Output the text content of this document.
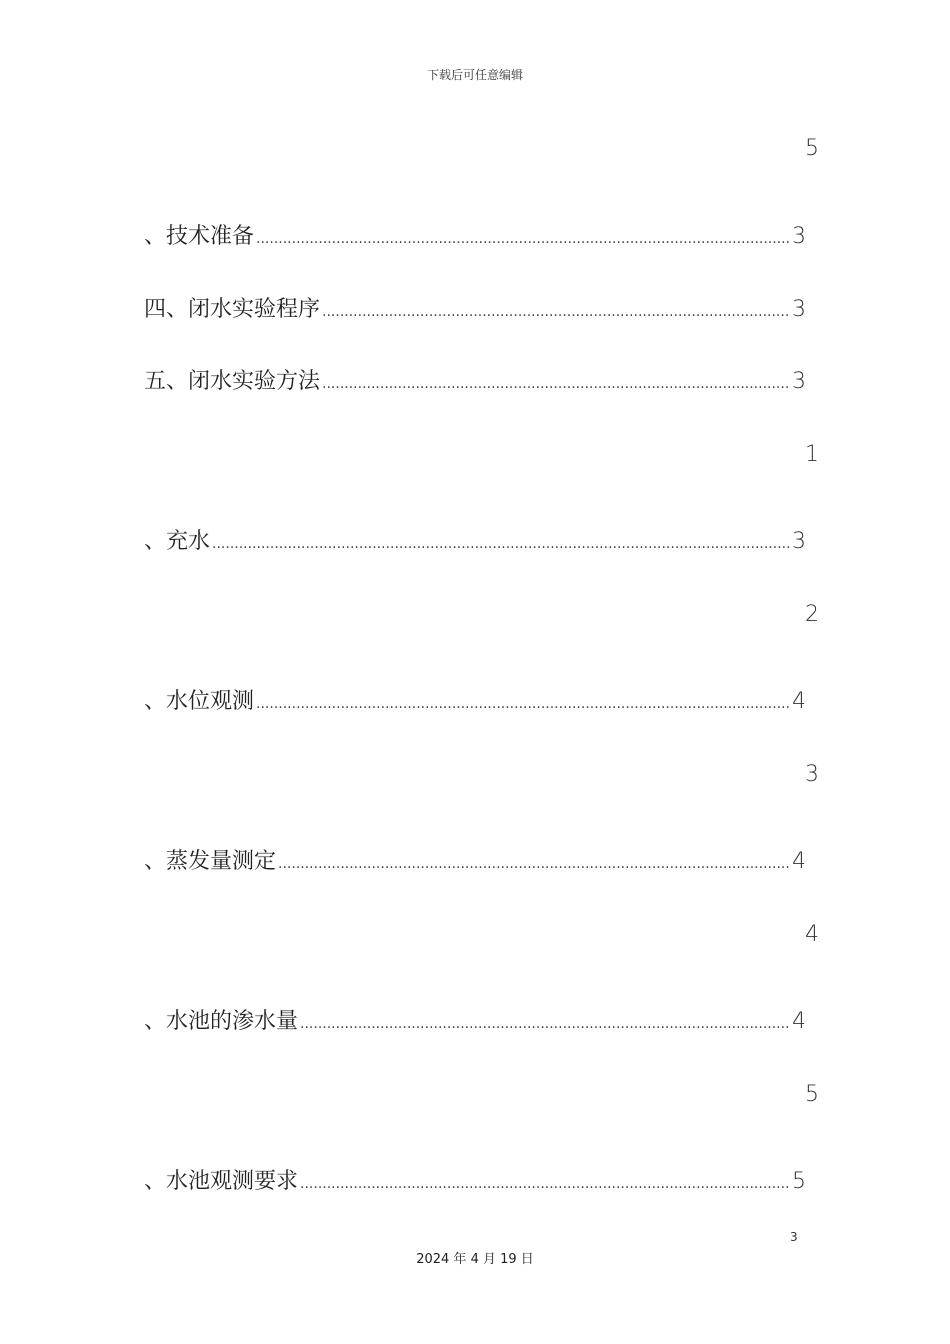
下载后可任意编辑
5
、技术准备 .....	3
四、闭水实验程序 .....	3
五、闭水实验方法 .....	3
1
、充水 .....	3
2
、水位观测 .....	4
3
、蒸发量测定 .....	4
4
、水池的渗水量 .....	4
5
、水池观测要求 .....	5
3
2024 年 4 月 19 日
